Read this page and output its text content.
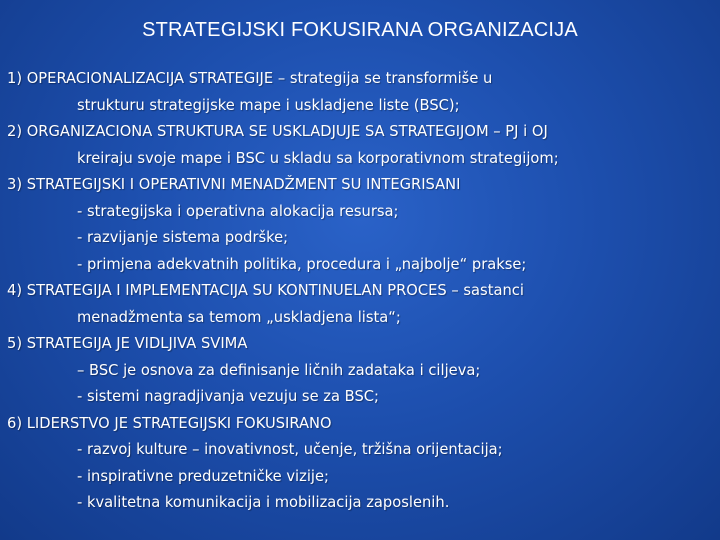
STRATEGIJSKI FOKUSIRANA ORGANIZACIJA
1) OPERACIONALIZACIJA STRATEGIJE – strategija se transformiše u
strukturu strategijske mape i uskladjene liste (BSC);
2) ORGANIZACIONA STRUKTURA SE USKLADJUJE SA STRATEGIJOM – PJ i OJ
kreiraju svoje mape i BSC u skladu sa korporativnom strategijom;
3) STRATEGIJSKI I OPERATIVNI MENADŽMENT SU INTEGRISANI
- strategijska i operativna alokacija resursa;
- razvijanje sistema podrške;
- primjena adekvatnih politika, procedura i „najbolje“ prakse;
4) STRATEGIJA I IMPLEMENTACIJA SU KONTINUELAN PROCES – sastanci
menadžmenta sa temom „uskladjena lista“;
5) STRATEGIJA JE VIDLJIVA SVIMA
– BSC je osnova za definisanje ličnih zadataka i ciljeva;
- sistemi nagradjivanja vezuju se za BSC;
6) LIDERSTVO JE STRATEGIJSKI FOKUSIRANO
- razvoj kulture – inovativnost, učenje, tržišna orijentacija;
- inspirativne preduzetničke vizije;
- kvalitetna komunikacija i mobilizacija zaposlenih.
